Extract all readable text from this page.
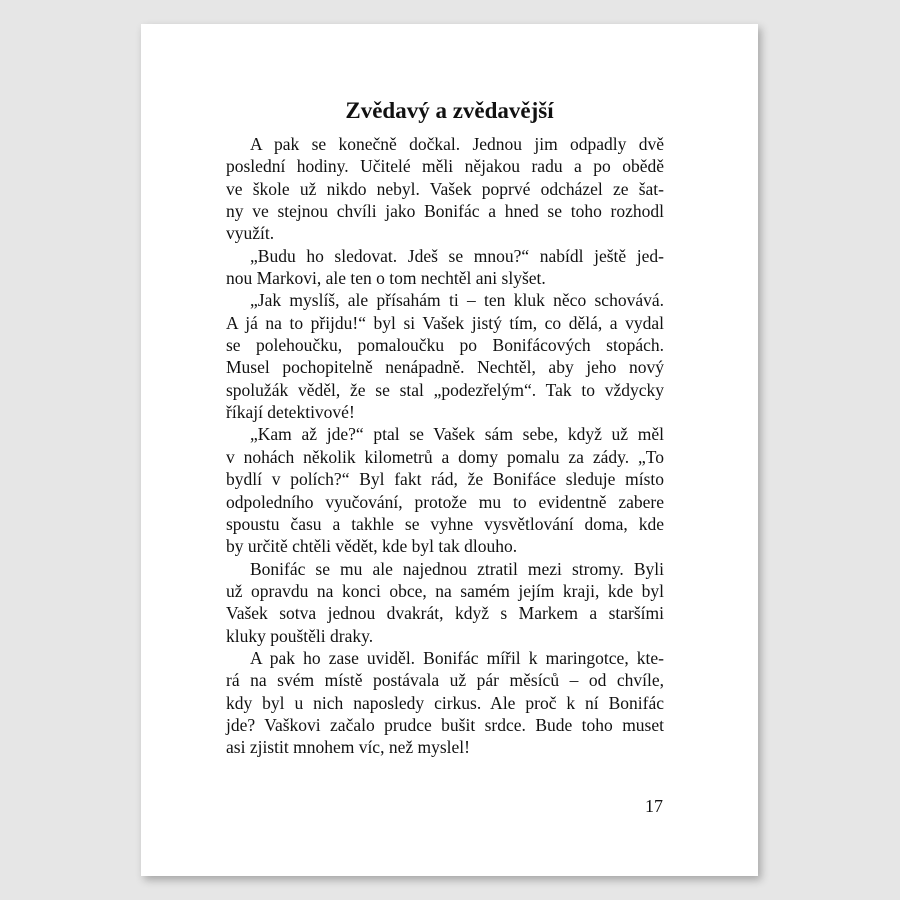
Zvědavý a zvědavější
A pak se konečně dočkal. Jednou jim odpadly dvě
poslední hodiny. Učitelé měli nějakou radu a po obědě
ve škole už nikdo nebyl. Vašek poprvé odcházel ze šat-
ny ve stejnou chvíli jako Bonifác a hned se toho rozhodl
využít.
„Budu ho sledovat. Jdeš se mnou?“ nabídl ještě jed-
nou Markovi, ale ten o tom nechtěl ani slyšet.
„Jak myslíš, ale přísahám ti – ten kluk něco schovává.
A já na to přijdu!“ byl si Vašek jistý tím, co dělá, a vydal
se polehoučku, pomaloučku po Bonifácových stopách.
Musel pochopitelně nenápadně. Nechtěl, aby jeho nový
spolužák věděl, že se stal „podezřelým“. Tak to vždycky
říkají detektivové!
„Kam až jde?“ ptal se Vašek sám sebe, když už měl
v nohách několik kilometrů a domy pomalu za zády. „To
bydlí v polích?“ Byl fakt rád, že Bonifáce sleduje místo
odpoledního vyučování, protože mu to evidentně zabere
spoustu času a takhle se vyhne vysvětlování doma, kde
by určitě chtěli vědět, kde byl tak dlouho.
Bonifác se mu ale najednou ztratil mezi stromy. Byli
už opravdu na konci obce, na samém jejím kraji, kde byl
Vašek sotva jednou dvakrát, když s Markem a staršími
kluky pouštěli draky.
A pak ho zase uviděl. Bonifác mířil k maringotce, kte-
rá na svém místě postávala už pár měsíců – od chvíle,
kdy byl u nich naposledy cirkus. Ale proč k ní Bonifác
jde? Vaškovi začalo prudce bušit srdce. Bude toho muset
asi zjistit mnohem víc, než myslel!
17
